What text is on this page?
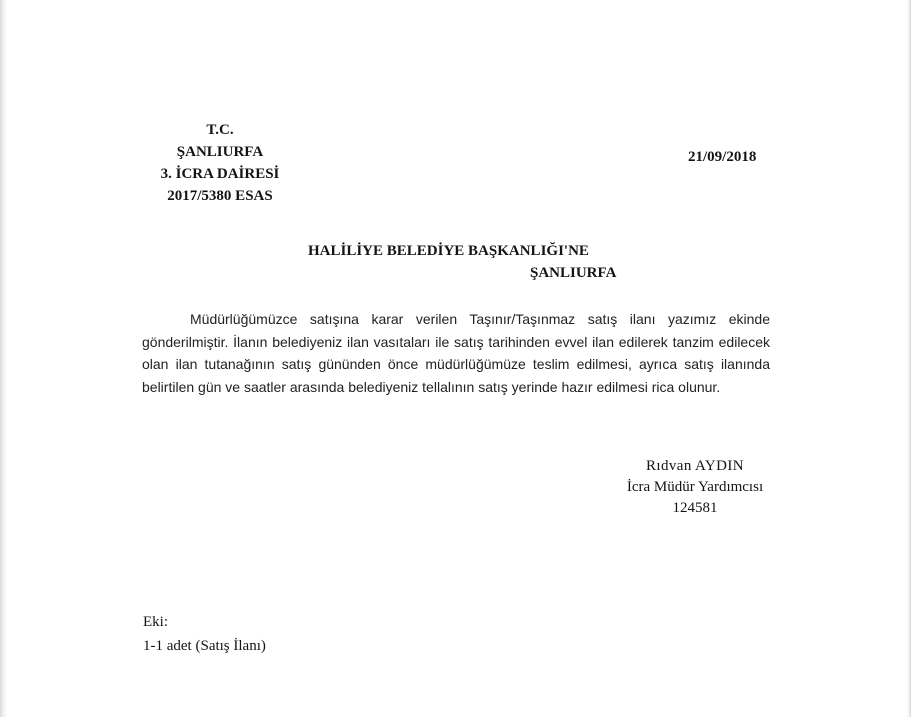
T.C.
ŞANLIURFA
3. İCRA DAİRESİ
2017/5380 ESAS
21/09/2018
HALİLİYE BELEDİYE BAŞKANLIĞI'NE
ŞANLIURFA

Müdürlüğümüzce satışına karar verilen Taşınır/Taşınmaz satış ilanı yazımız ekinde gönderilmiştir. İlanın belediyeniz ilan vasıtaları ile satış tarihinden evvel ilan edilerek tanzim edilecek olan ilan tutanağının satış gününden önce müdürlüğümüze teslim edilmesi, ayrıca satış ilanında belirtilen gün ve saatler arasında belediyeniz tellalının satış yerinde hazır edilmesi rica olunur.

Rıdvan AYDIN
İcra Müdür Yardımcısı
124581
Eki:
1-1 adet (Satış İlanı)
